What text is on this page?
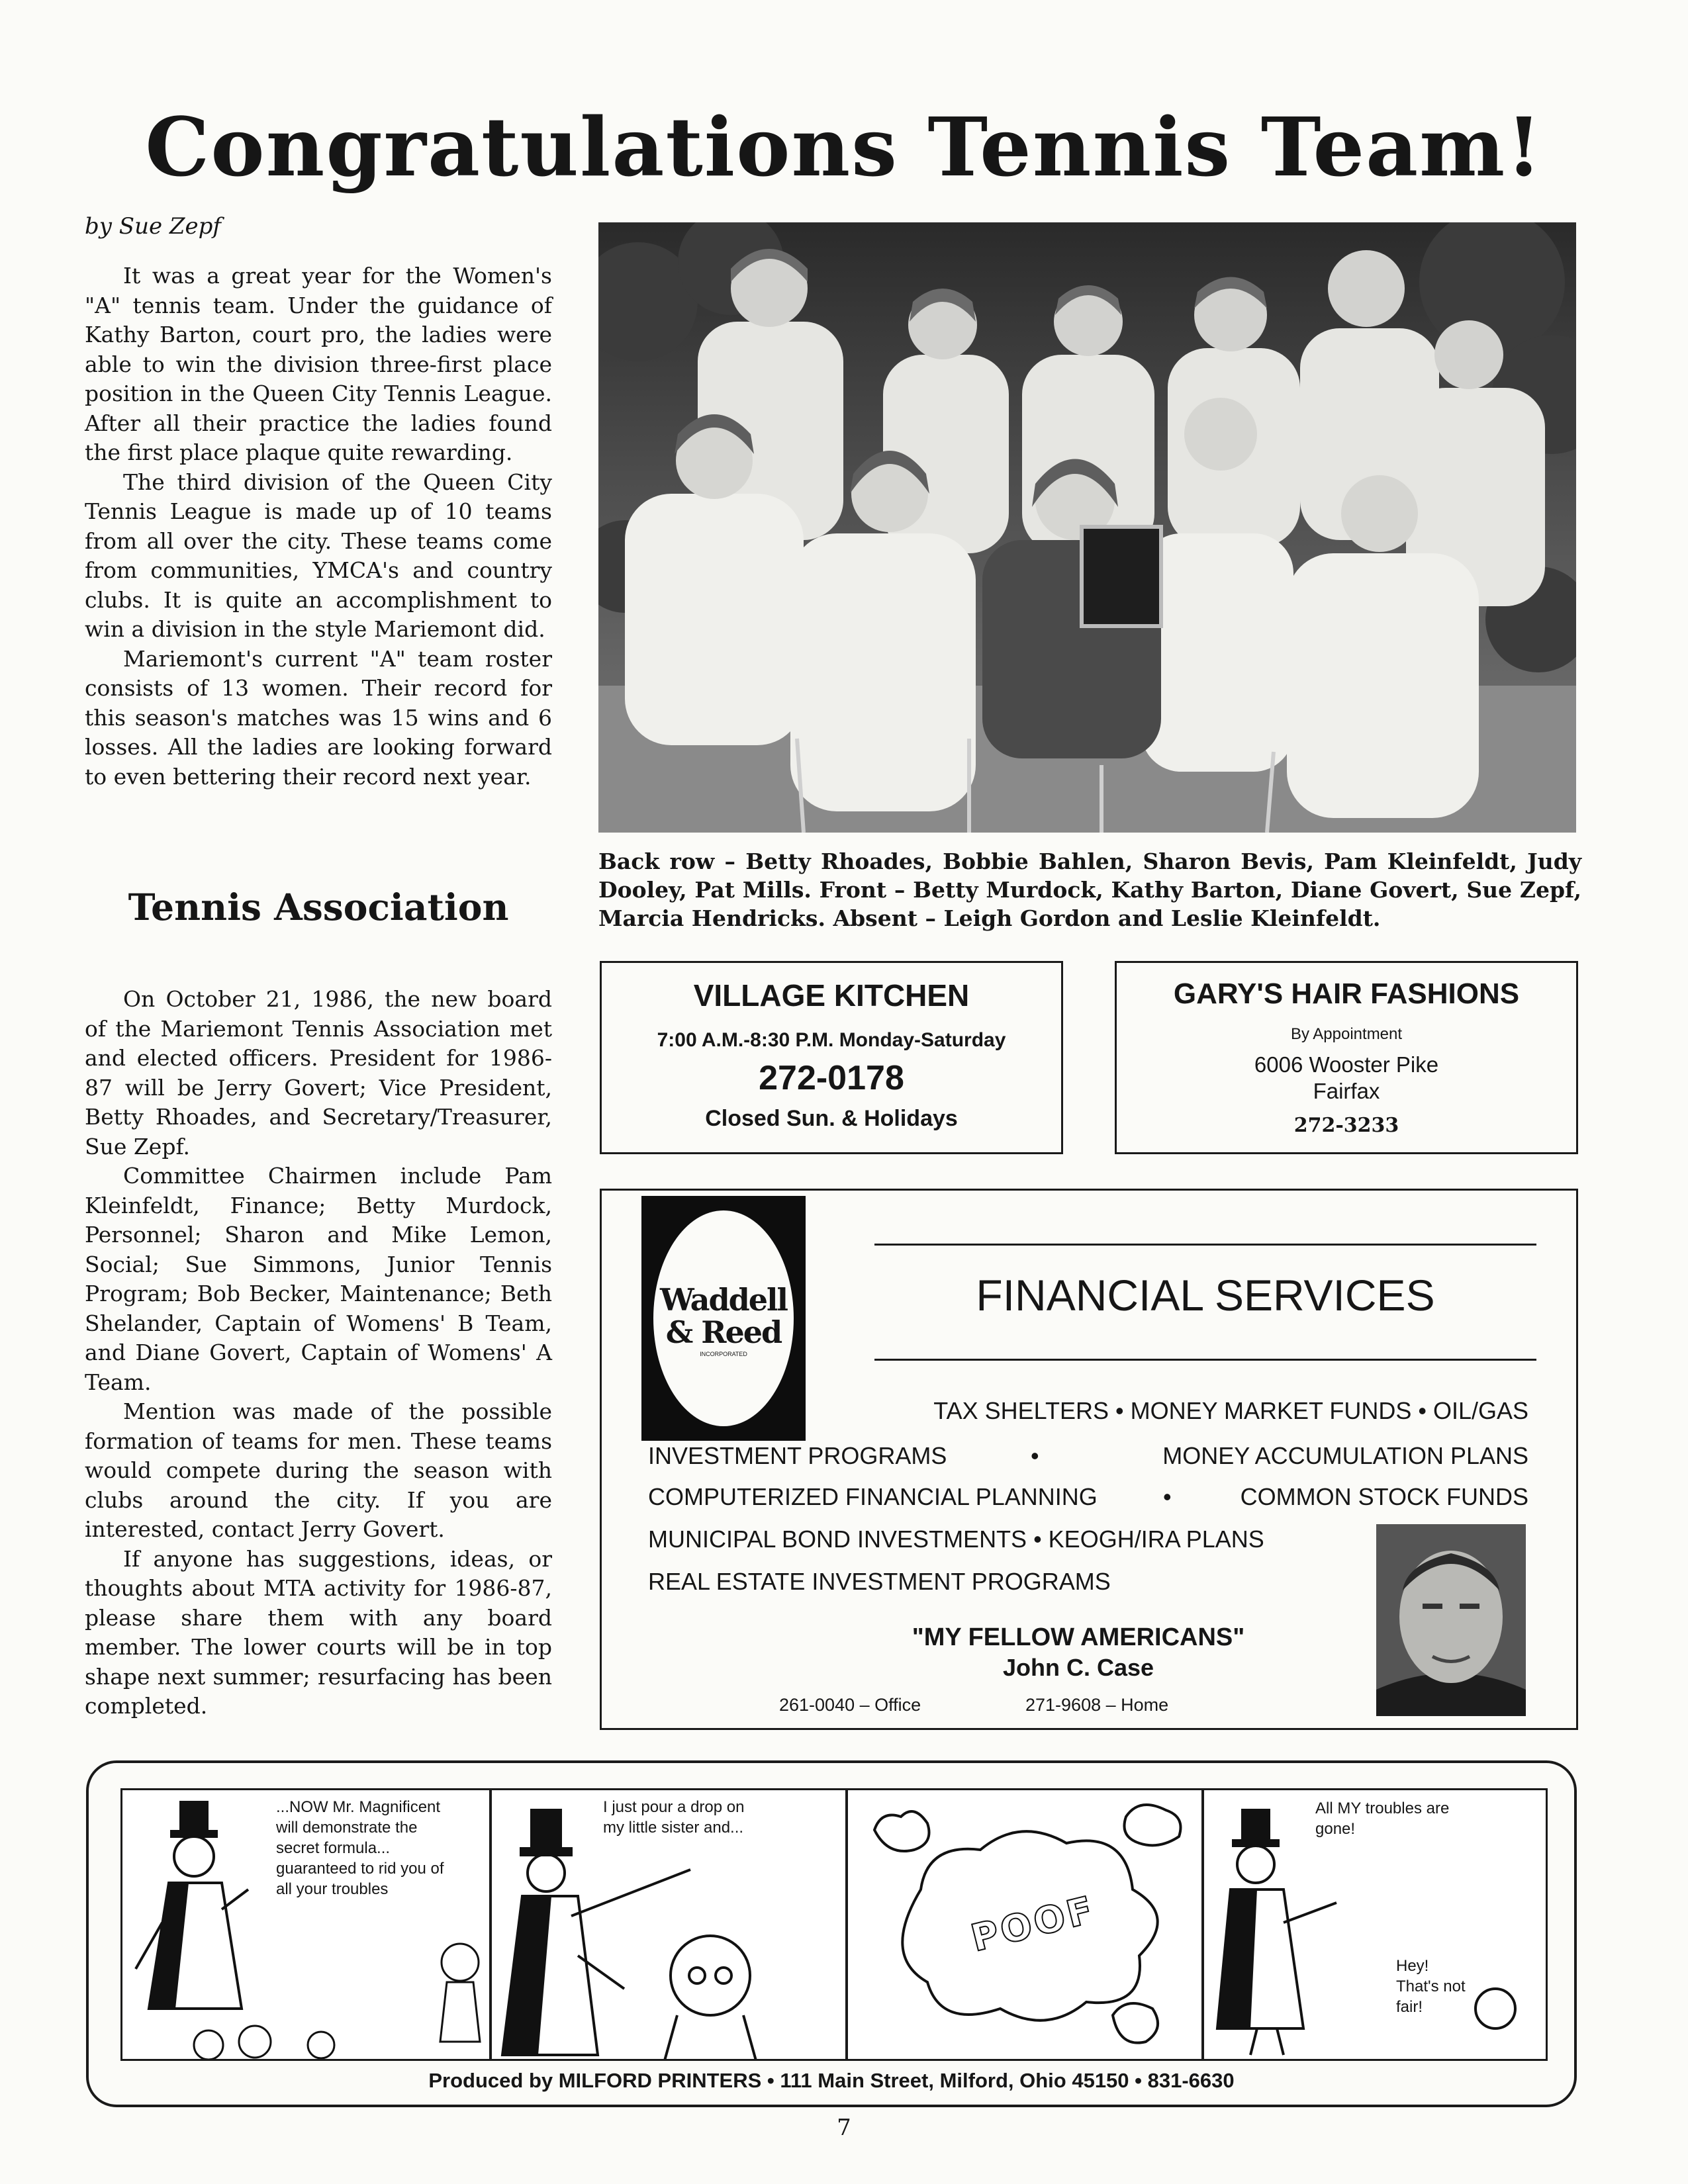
Congratulations Tennis Team!
by Sue Zepf

It was a great year for the Women's "A" tennis team. Under the guidance of Kathy Barton, court pro, the ladies were able to win the division three-first place position in the Queen City Tennis League. After all their practice the ladies found the first place plaque quite rewarding.

The third division of the Queen City Tennis League is made up of 10 teams from all over the city. These teams come from communities, YMCA's and country clubs. It is quite an accomplishment to win a division in the style Mariemont did.

Mariemont's current "A" team roster consists of 13 women. Their record for this season's matches was 15 wins and 6 losses. All the ladies are looking forward to even bettering their record next year.

Tennis Association

On October 21, 1986, the new board of the Mariemont Tennis Association met and elected officers. President for 1986-87 will be Jerry Govert; Vice President, Betty Rhoades, and Secretary/Treasurer, Sue Zepf.

Committee Chairmen include Pam Kleinfeldt, Finance; Betty Murdock, Personnel; Sharon and Mike Lemon, Social; Sue Simmons, Junior Tennis Program; Bob Becker, Maintenance; Beth Shelander, Captain of Womens' B Team, and Diane Govert, Captain of Womens' A Team.

Mention was made of the possible formation of teams for men. These teams would compete during the season with clubs around the city. If you are interested, contact Jerry Govert.

If anyone has suggestions, ideas, or thoughts about MTA activity for 1986-87, please share them with any board member. The lower courts will be in top shape next summer; resurfacing has been completed.

Back row – Betty Rhoades, Bobbie Bahlen, Sharon Bevis, Pam Kleinfeldt, Judy Dooley, Pat Mills. Front – Betty Murdock, Kathy Barton, Diane Govert, Sue Zepf, Marcia Hendricks. Absent – Leigh Gordon and Leslie Kleinfeldt.

VILLAGE KITCHEN
7:00 A.M.-8:30 P.M. Monday-Saturday
272-0178
Closed Sun. & Holidays
GARY'S HAIR FASHIONS
By Appointment
6006 Wooster Pike
Fairfax
272-3233
Waddell
& Reed
INCORPORATED
FINANCIAL SERVICES
TAX SHELTERS • MONEY MARKET FUNDS • OIL/GAS
INVESTMENT PROGRAMS	•	MONEY ACCUMULATION PLANS
COMPUTERIZED FINANCIAL PLANNING	•	COMMON STOCK FUNDS
MUNICIPAL BOND INVESTMENTS • KEOGH/IRA PLANS
REAL ESTATE INVESTMENT PROGRAMS
"MY FELLOW AMERICANS"
John C. Case
261-0040 – Office	271-9608 – Home
...NOW Mr. Magnificent will demonstrate the secret formula... guaranteed to rid you of all your troubles
I just pour a drop on my little sister and...
POOF
All MY troubles are gone!
Hey! That's not fair!
Produced by MILFORD PRINTERS • 111 Main Street, Milford, Ohio 45150 • 831-6630
7
